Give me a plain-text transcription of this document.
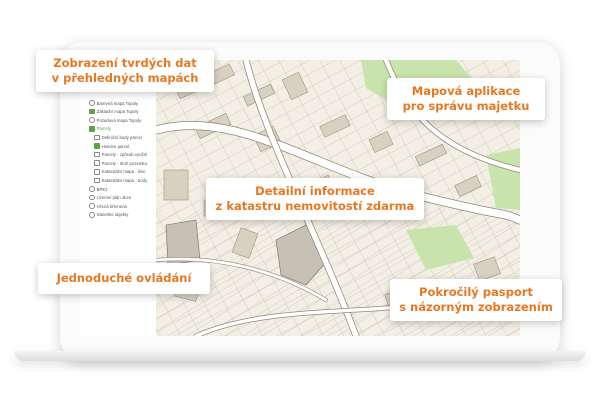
Barevná mapa Topoly
Základní mapa Topoly
Pozadová mapa Topoly
Parcely
Definiční body parcel
Hranice parcel
Parcely - způsob využití
Parcely - druh pozemku
Katastrální mapa - linie
Katastrální mapa - body
BPEJ
Územní plán obce
Věcná břemena
Stavební objekty
Zobrazení tvrdých dat
v přehledných mapách
Mapová aplikace
pro správu majetku
Detailní informace
z katastru nemovitostí zdarma
Jednoduché ovládání
Pokročilý pasport
s názorným zobrazením
